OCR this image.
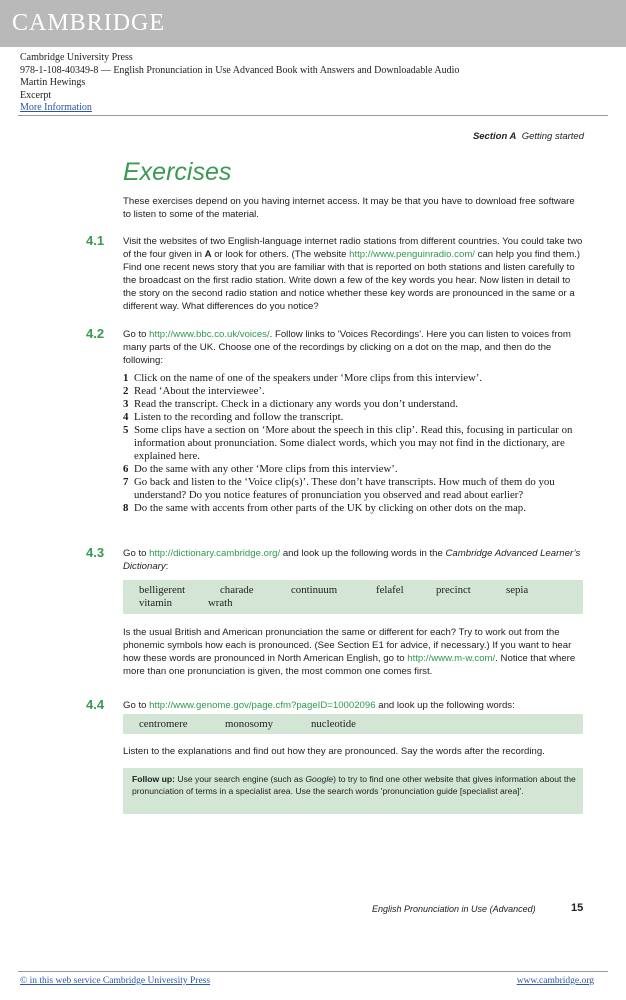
CAMBRIDGE
Cambridge University Press
978-1-108-40349-8 — English Pronunciation in Use Advanced Book with Answers and Downloadable Audio
Martin Hewings
Excerpt
More Information
Section A Getting started
Exercises
These exercises depend on you having internet access. It may be that you have to download free software to listen to some of the material.
4.1 Visit the websites of two English-language internet radio stations from different countries. You could take two of the four given in A or look for others. (The website http://www.penguinradio.com/ can help you find them.) Find one recent news story that you are familiar with that is reported on both stations and listen carefully to the broadcast on the first radio station. Write down a few of the key words you hear. Now listen in detail to the story on the second radio station and notice whether these key words are pronounced in the same or a different way. What differences do you notice?
4.2 Go to http://www.bbc.co.uk/voices/. Follow links to 'Voices Recordings'. Here you can listen to voices from many parts of the UK. Choose one of the recordings by clicking on a dot on the map, and then do the following:
1 Click on the name of one of the speakers under ‘More clips from this interview’.
2 Read ‘About the interviewee’.
3 Read the transcript. Check in a dictionary any words you don’t understand.
4 Listen to the recording and follow the transcript.
5 Some clips have a section on ‘More about the speech in this clip’. Read this, focusing in particular on information about pronunciation. Some dialect words, which you may not find in the dictionary, are explained here.
6 Do the same with any other ‘More clips from this interview’.
7 Go back and listen to the ‘Voice clip(s)’. These don’t have transcripts. How much of them do you understand? Do you notice features of pronunciation you observed and read about earlier?
8 Do the same with accents from other parts of the UK by clicking on other dots on the map.
4.3 Go to http://dictionary.cambridge.org/ and look up the following words in the Cambridge Advanced Learner’s Dictionary:
belligerent	charade	continuum	felafel	precinct	sepia
vitamin	wrath
Is the usual British and American pronunciation the same or different for each? Try to work out from the phonemic symbols how each is pronounced. (See Section E1 for advice, if necessary.) If you want to hear how these words are pronounced in North American English, go to http://www.m-w.com/. Notice that where more than one pronunciation is given, the most common one comes first.
4.4 Go to http://www.genome.gov/page.cfm?pageID=10002096 and look up the following words:
centromere	monosomy	nucleotide
Listen to the explanations and find out how they are pronounced. Say the words after the recording.
Follow up: Use your search engine (such as Google) to try to find one other website that gives information about the pronunciation of terms in a specialist area. Use the search words 'pronunciation guide [specialist area]'.
English Pronunciation in Use (Advanced)	15
© in this web service Cambridge University Press	www.cambridge.org
